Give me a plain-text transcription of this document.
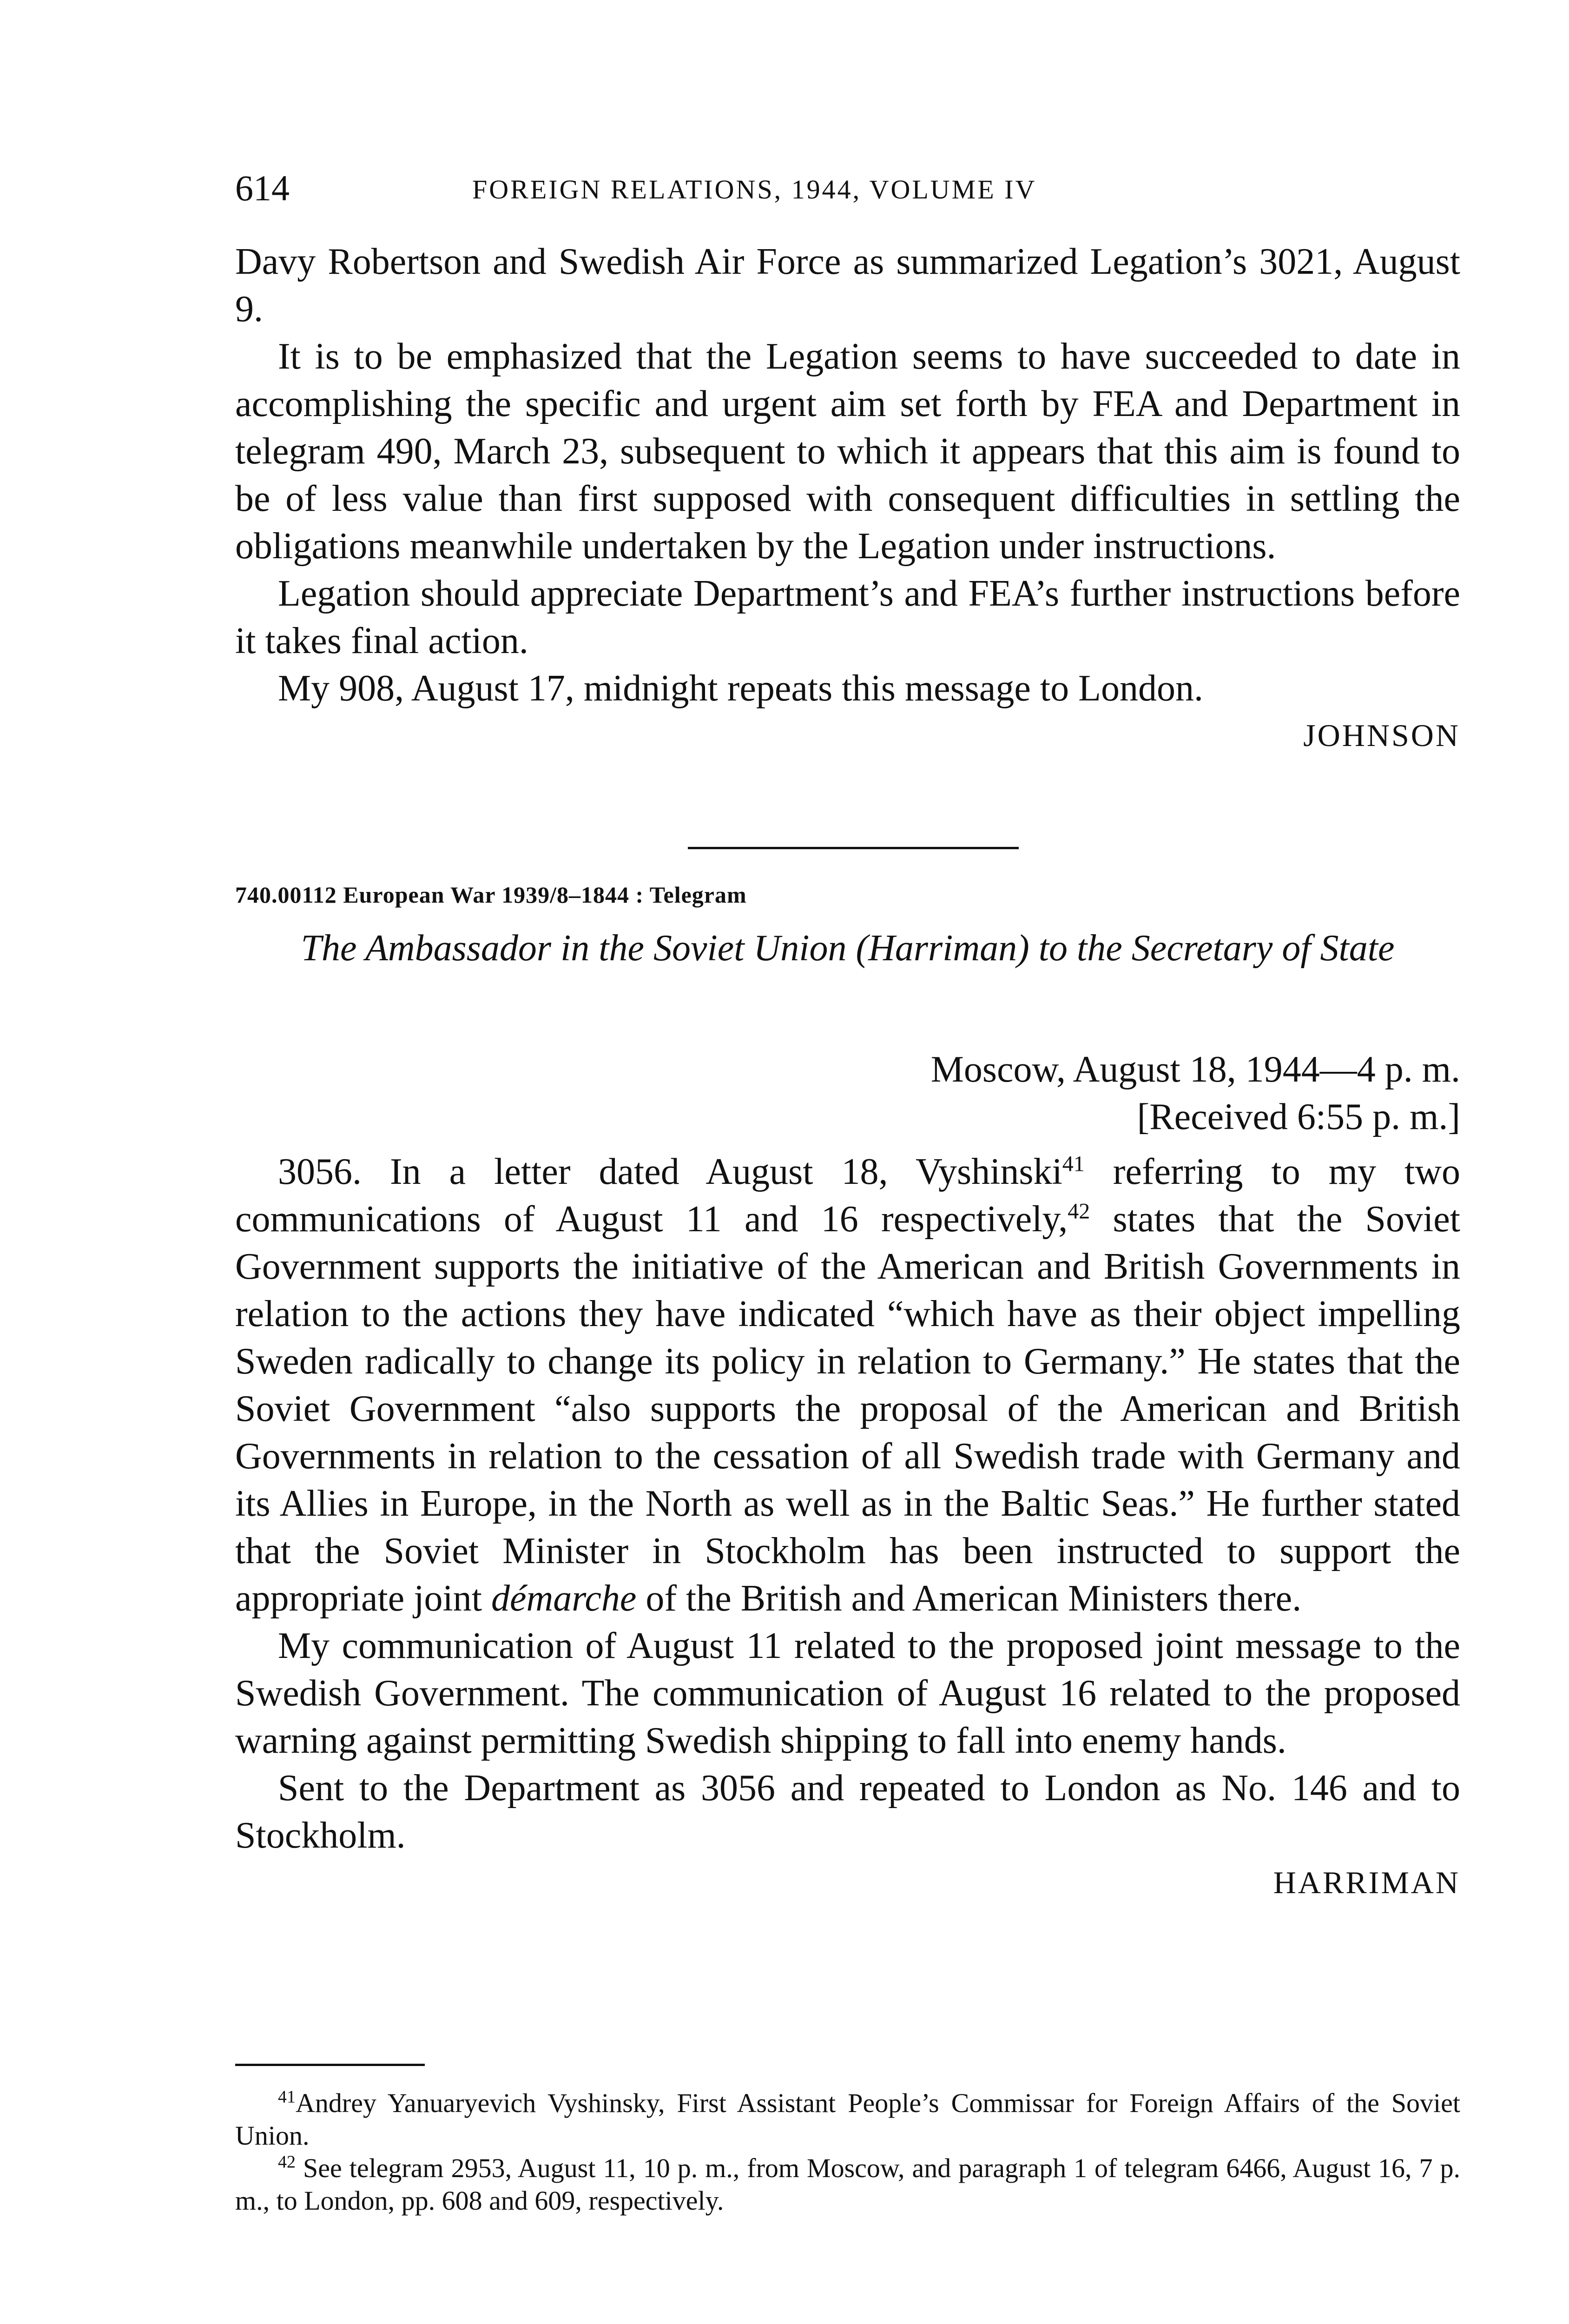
614	FOREIGN RELATIONS, 1944, VOLUME IV

Davy Robertson and Swedish Air Force as summarized Legation’s 3021, August 9.

It is to be emphasized that the Legation seems to have succeeded to date in accomplishing the specific and urgent aim set forth by FEA and Department in telegram 490, March 23, subsequent to which it appears that this aim is found to be of less value than first supposed with consequent difficulties in settling the obligations meanwhile undertaken by the Legation under instructions.

Legation should appreciate Department’s and FEA’s further instructions before it takes final action.

My 908, August 17, midnight repeats this message to London.

JOHNSON

740.00112 European War 1939/8–1844 : Telegram
The Ambassador in the Soviet Union (Harriman) to the Secretary of State
Moscow, August 18, 1944—4 p. m.
[Received 6:55 p. m.]

3056. In a letter dated August 18, Vyshinski$^{41}$ referring to my two communications of August 11 and 16 respectively,$^{42}$ states that the Soviet Government supports the initiative of the American and British Governments in relation to the actions they have indicated “which have as their object impelling Sweden radically to change its policy in relation to Germany.” He states that the Soviet Government “also supports the proposal of the American and British Governments in relation to the cessation of all Swedish trade with Germany and its Allies in Europe, in the North as well as in the Baltic Seas.” He further stated that the Soviet Minister in Stockholm has been instructed to support the appropriate joint démarche of the British and American Ministers there.

My communication of August 11 related to the proposed joint message to the Swedish Government. The communication of August 16 related to the proposed warning against permitting Swedish shipping to fall into enemy hands.

Sent to the Department as 3056 and repeated to London as No. 146 and to Stockholm.

HARRIMAN

$^{41}$Andrey Yanuaryevich Vyshinsky, First Assistant People’s Commissar for Foreign Affairs of the Soviet Union.

$^{42}$ See telegram 2953, August 11, 10 p. m., from Moscow, and paragraph 1 of telegram 6466, August 16, 7 p. m., to London, pp. 608 and 609, respectively.
